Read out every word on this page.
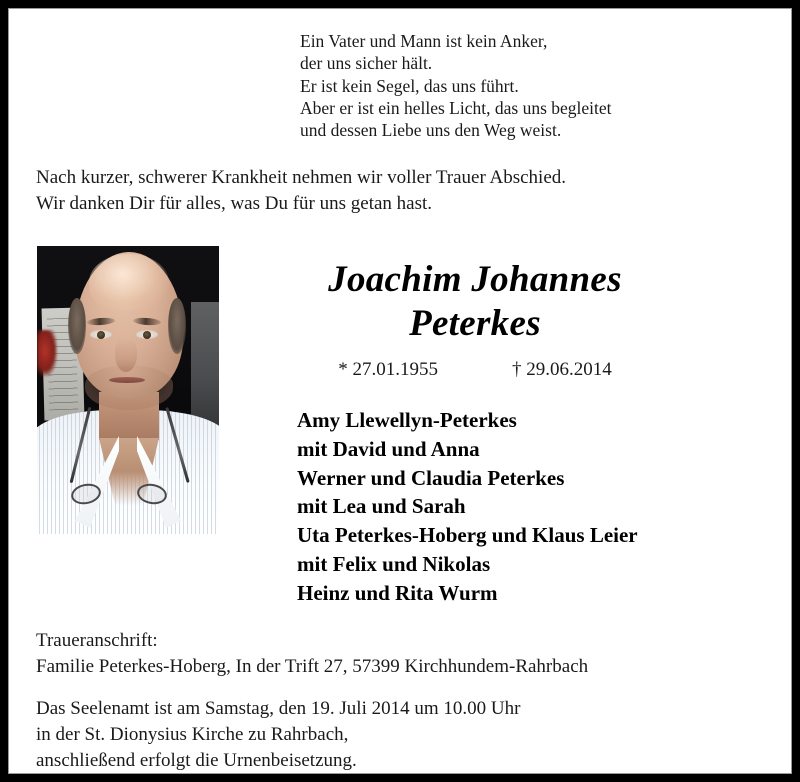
Ein Vater und Mann ist kein Anker,
der uns sicher hält.
Er ist kein Segel, das uns führt.
Aber er ist ein helles Licht, das uns begleitet
und dessen Liebe uns den Weg weist.
Nach kurzer, schwerer Krankheit nehmen wir voller Trauer Abschied.
Wir danken Dir für alles, was Du für uns getan hast.
Joachim Johannes
Peterkes
* 27.01.1955	† 29.06.2014
Amy Llewellyn-Peterkes
mit David und Anna
Werner und Claudia Peterkes
mit Lea und Sarah
Uta Peterkes-Hoberg und Klaus Leier
mit Felix und Nikolas
Heinz und Rita Wurm
Traueranschrift:
Familie Peterkes-Hoberg, In der Trift 27, 57399 Kirchhundem-Rahrbach
Das Seelenamt ist am Samstag, den 19. Juli 2014 um 10.00 Uhr
in der St. Dionysius Kirche zu Rahrbach,
anschließend erfolgt die Urnenbeisetzung.
